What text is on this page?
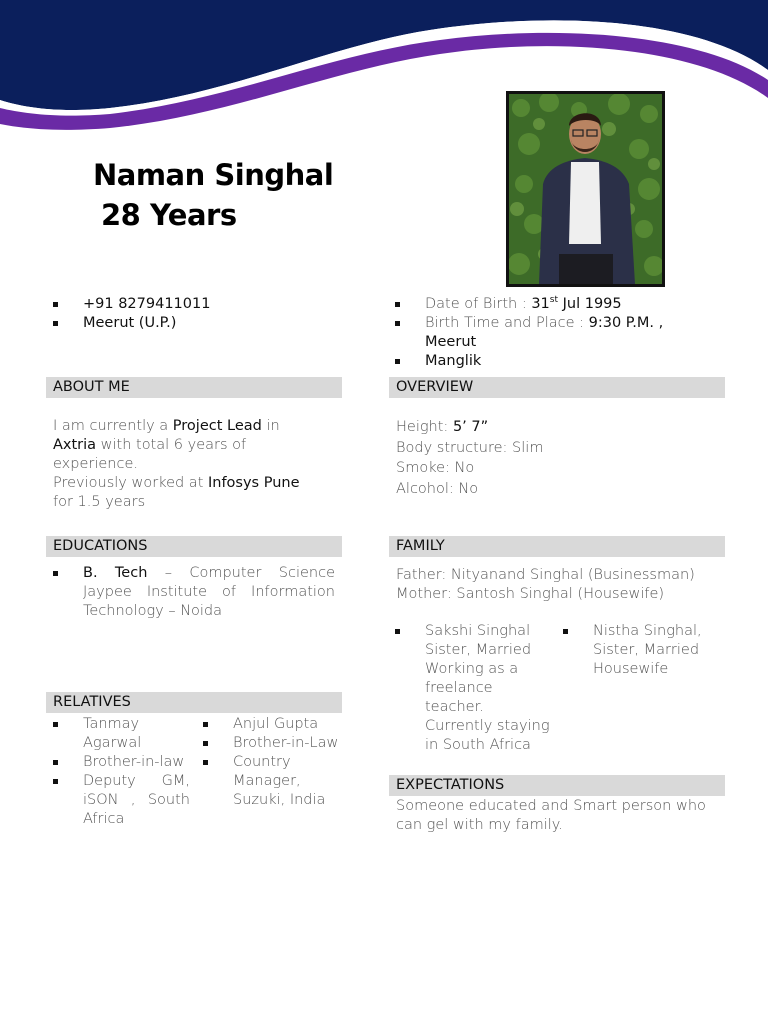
Naman Singhal
28 Years
+91 8279411011
Meerut (U.P.)
Date of Birth : 31st Jul 1995
Birth Time and Place : 9:30 P.M. ,
Meerut
Manglik
ABOUT ME
I am currently a Project Lead in
Axtria with total 6 years of experience.
Previously worked at Infosys Pune
for 1.5 years
OVERVIEW
Height: 5’ 7”
Body structure: Slim
Smoke: No
Alcohol: No
EDUCATIONS
B. Tech – Computer Science Jaypee Institute of Information Technology – Noida
FAMILY
Father: Nityanand Singhal (Businessman)
Mother: Santosh Singhal (Housewife)
Sakshi Singhal Sister, Married Working as a freelance teacher. Currently staying in South Africa
Nistha Singhal, Sister, Married Housewife
RELATIVES
Tanmay Agarwal
Brother-in-law
Deputy GM, iSON , South Africa
Anjul Gupta
Brother-in-Law
Country Manager, Suzuki, India
EXPECTATIONS
Someone educated and Smart person who can gel with my family.
